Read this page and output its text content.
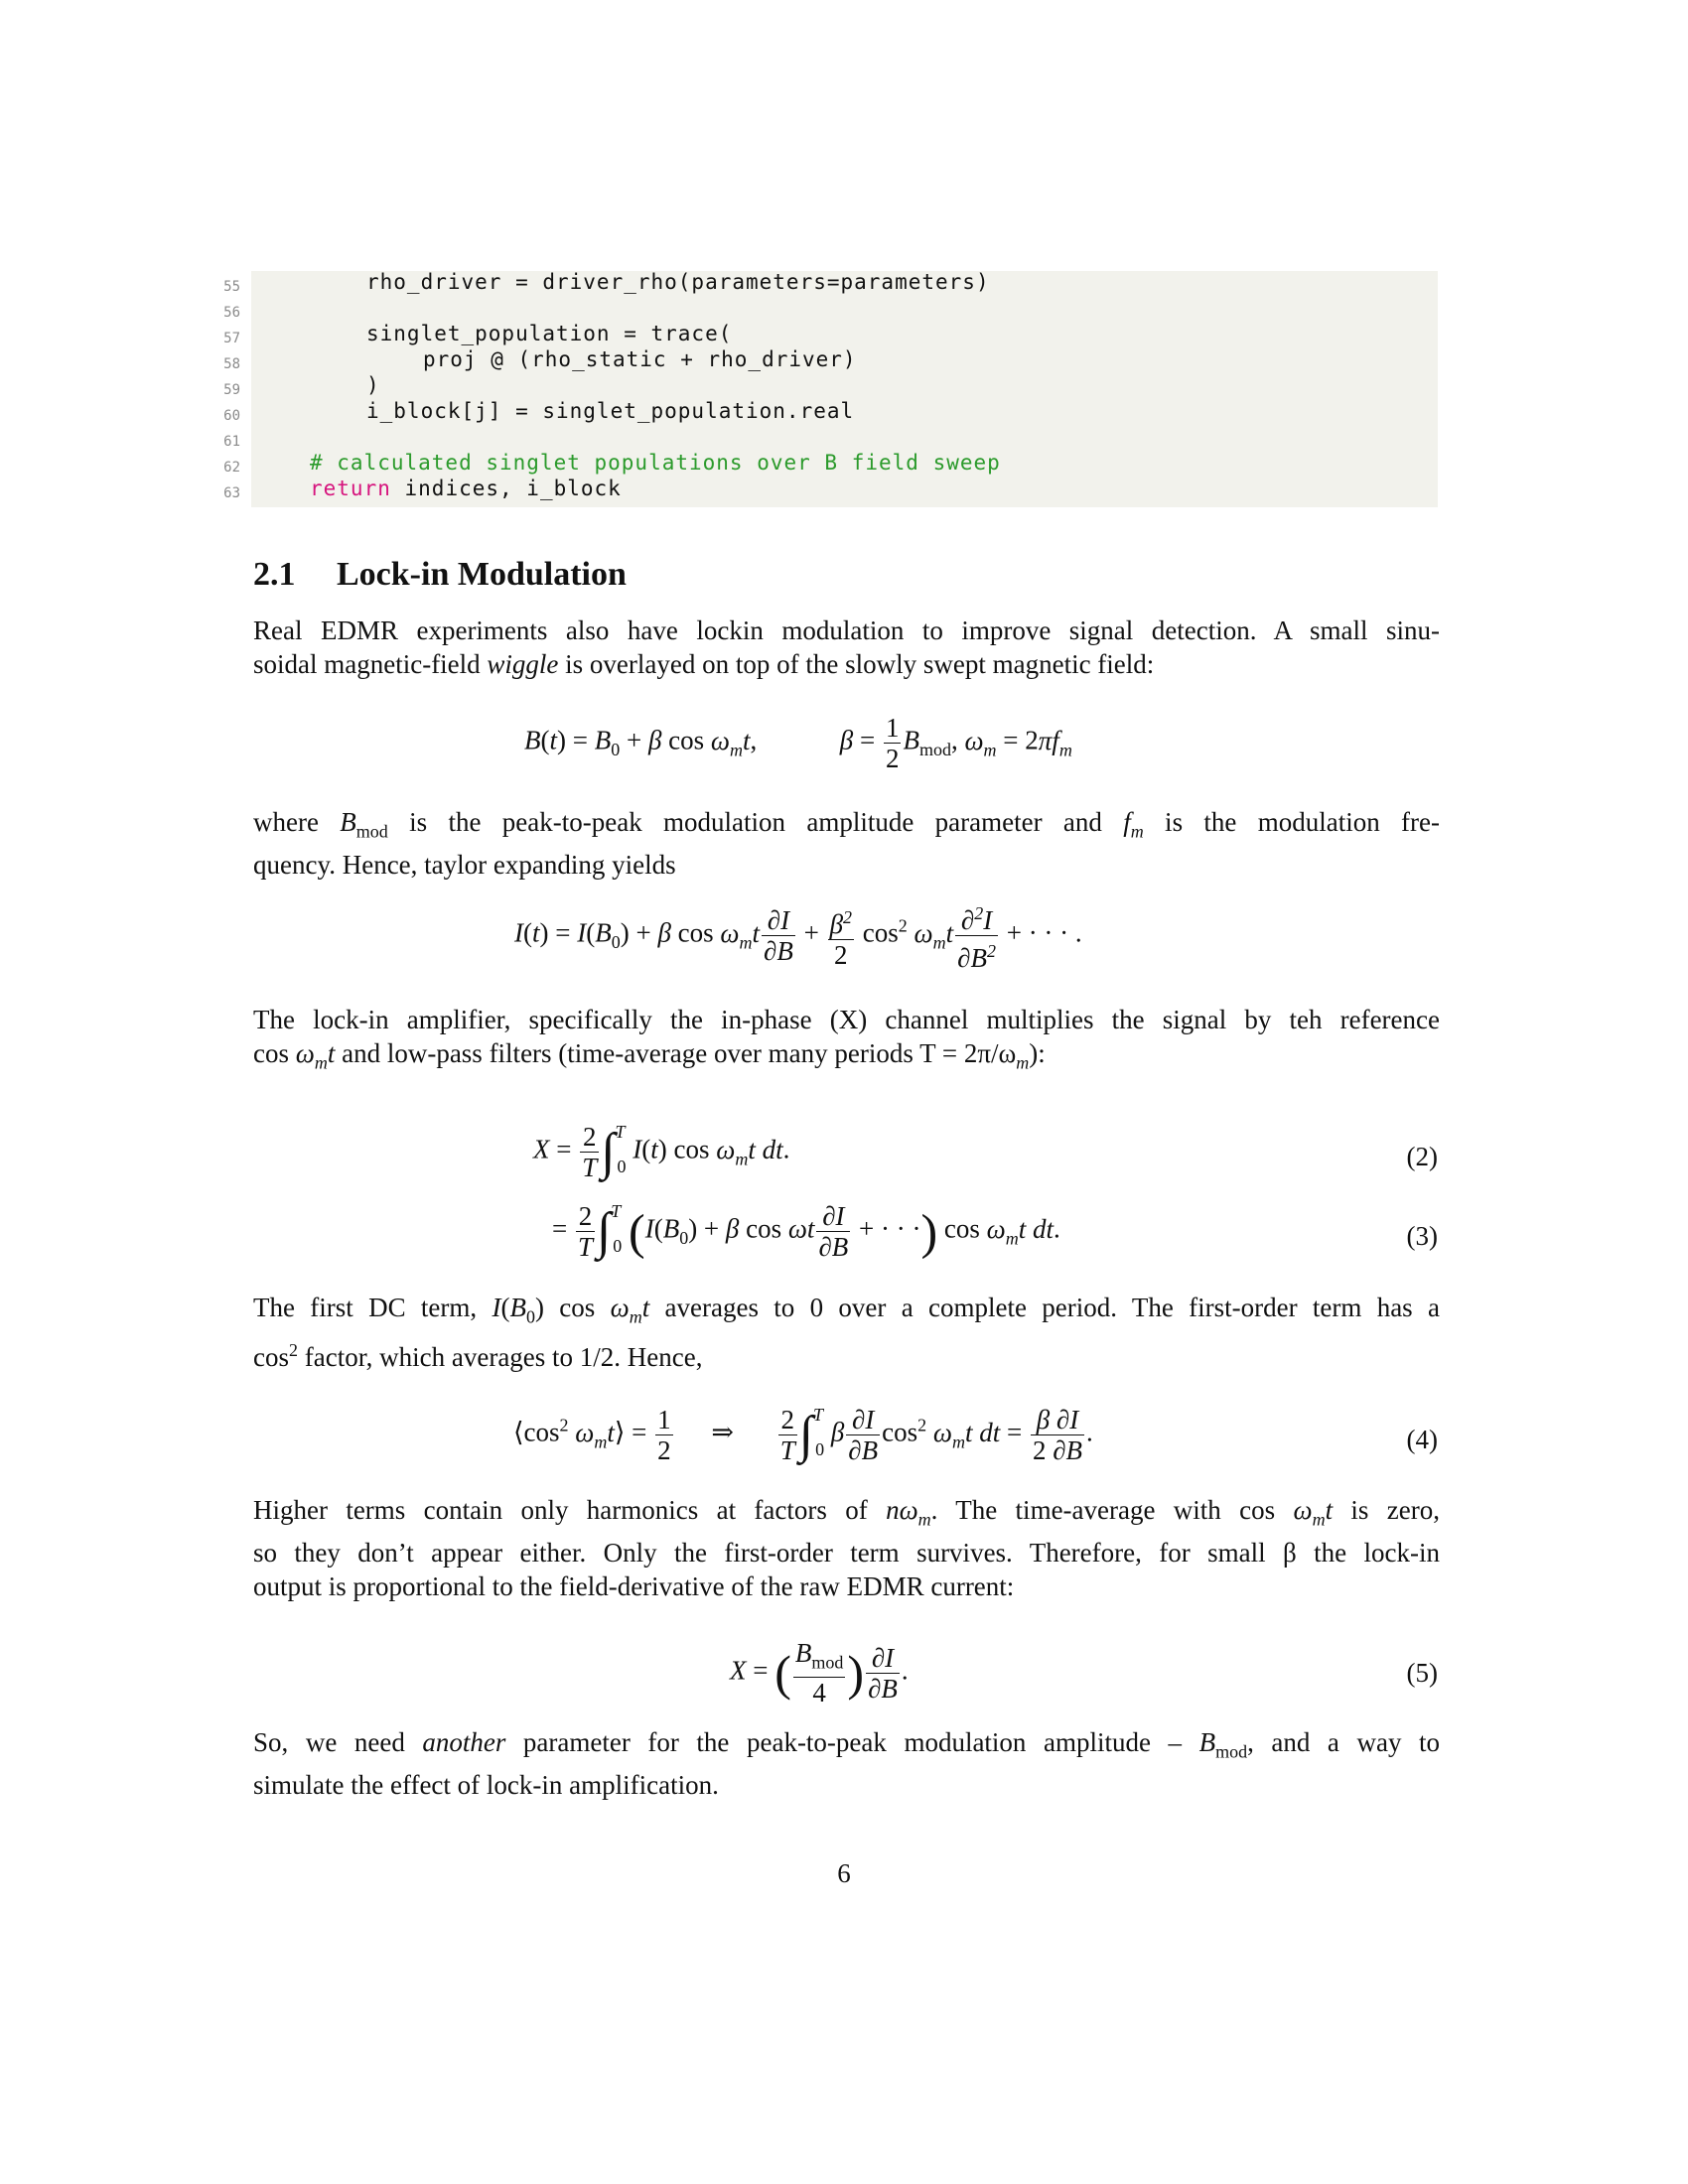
55
56
57
58
59
60
61
62
63
rho_driver = driver_rho(parameters=parameters)
singlet_population = trace(
proj @ (rho_static + rho_driver)
)
i_block[j] = singlet_population.real
# calculated singlet populations over B field sweep
return indices, i_block
2.1 Lock-in Modulation
Real EDMR experiments also have lockin modulation to improve signal detection. A small sinu-
soidal magnetic-field wiggle is overlayed on top of the slowly swept magnetic field:
$B(t) = B_0 + \beta$ $\cos \omega_mt$,	$\beta = \frac{1}{2} B_{mod}$, $\omega_m = 2\pi f_m$
where $B_{mod}$ is the peak-to-peak modulation amplitude parameter and $f_m$ is the modulation fre-
quency. Hence, taylor expanding yields
$I(t) = I(B_0) + \beta$ $\cos \omega_mt \frac{\partial I}{\partial B} + \frac{\beta^2}{2} \cos^2 \omega_mt \frac{\partial^2I}{\partial B^2}$ + · · · .
The lock-in amplifier, specifically the in-phase (X) channel multiplies the signal by teh reference
$\cos \omega_mt$ and low-pass filters (time-average over many periods $T = 2\pi/\omega_m$):
$X = \frac{2}{T} \int^T_0$ I(t) $\cos \omega_mt$ dt.	(2)
= $\frac{2}{T} \int^T_0$ ($I(B_0) + \beta$ cos ωt $\frac{\partial I}{\partial B}$ + · · ·) $\cos \omega_mt$ dt.	(3)
The first DC term, $I(B_0)$ $\cos \omega_mt$ averages to 0 over a complete period. The first-order term has a
$\cos^2$ factor, which averages to 1/2. Hence,
$⟨\cos^2$ $\omega_mt⟩ = \frac{1}{2}$ ⇒ $\frac{2}{T} \int^T_0$ β $\frac{\partial I}{\partial B} \cos^2 \omega_mt$ dt = $\frac{\beta \partial I}{2 \partial B}$ .	(4)
Higher terms contain only harmonics at factors of $n\omega_m$. The time-average with $\cos \omega_mt$ is zero,
so they don’t appear either. Only the first-order term survives. Therefore, for small β the lock-in
output is proportional to the field-derivative of the raw EDMR current:
X = ( $\frac{B_{mod}}{4}$ ) $\frac{\partial I}{\partial B}$ .	(5)
So, we need another parameter for the peak-to-peak modulation amplitude – $B_{mod}$, and a way to
simulate the effect of lock-in amplification.
6
